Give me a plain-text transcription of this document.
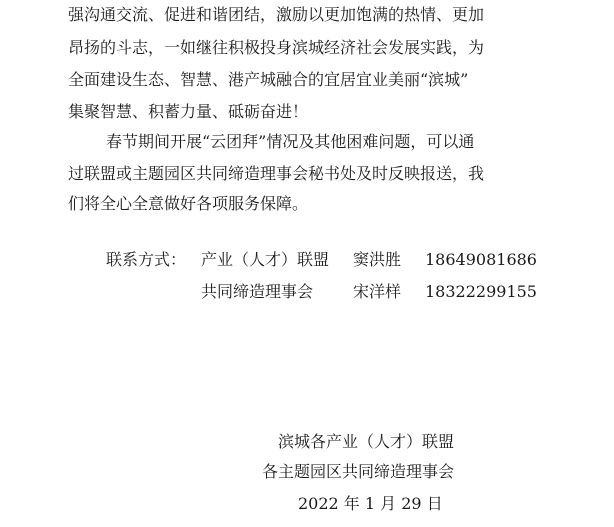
强沟通交流、促进和谐团结，激励以更加饱满的热情、更加
昂扬的斗志，一如继往积极投身滨城经济社会发展实践，为
全面建设生态、智慧、港产城融合的宜居宜业美丽“滨城”
集聚智慧、积蓄力量、砥砺奋进！
春节期间开展“云团拜”情况及其他困难问题，可以通
过联盟或主题园区共同缔造理事会秘书处及时反映报送，我
们将全心全意做好各项服务保障。
联系方式： 产业（人才）联盟 窦洪胜 18649081686
共同缔造理事会 宋洋样 18322299155
滨城各产业（人才）联盟
各主题园区共同缔造理事会
2022 年 1 月 29 日
